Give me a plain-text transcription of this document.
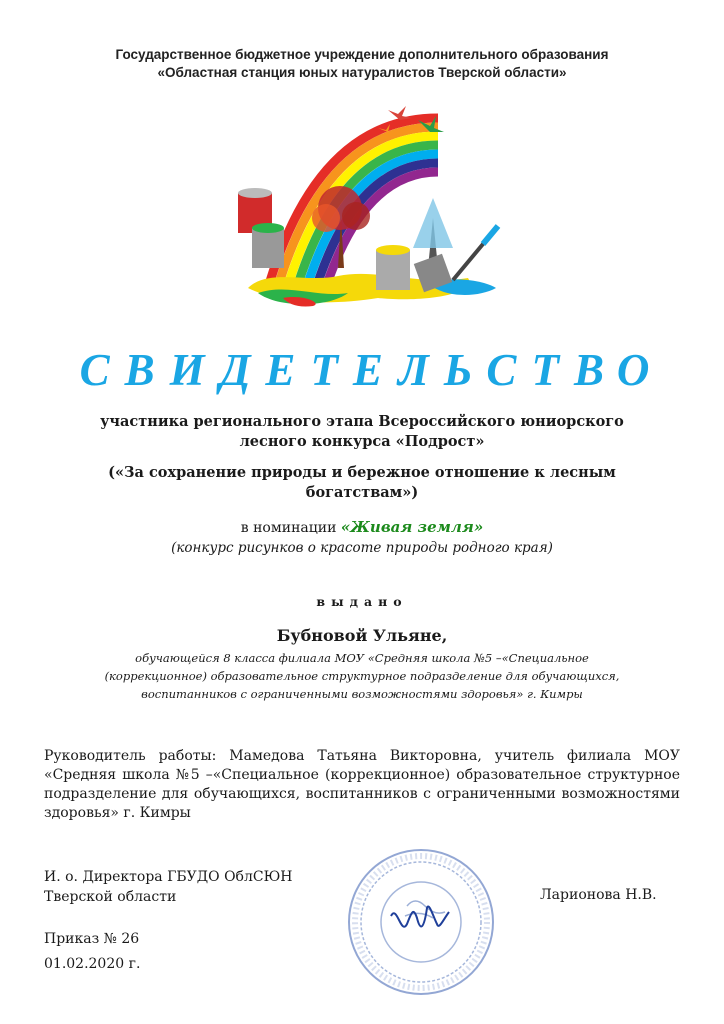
Государственное бюджетное учреждение дополнительного образования
«Областная станция юных натуралистов Тверской области»
СВИДЕТЕЛЬСТВО
участника регионального этапа Всероссийского юниорского
лесного конкурса «Подрост»
(«За сохранение природы и бережное отношение к лесным
богатствам»)
в номинации «Живая земля»
(конкурс рисунков о красоте природы родного края)
выдано
Бубновой Ульяне,
обучающейся 8 класса филиала МОУ «Средняя школа №5 –«Специальное
(коррекционное) образовательное структурное подразделение для обучающихся,
воспитанников с ограниченными возможностями здоровья» г. Кимры
Руководитель работы: Мамедова Татьяна Викторовна, учитель филиала МОУ «Средняя школа №5 –«Специальное (коррекционное) образовательное структурное подразделение для обучающихся, воспитанников с ограниченными возможностями здоровья» г. Кимры
И. о. Директора ГБУДО ОблСЮН
Тверской области	Ларионова Н.В.
Приказ № 26
01.02.2020 г.
